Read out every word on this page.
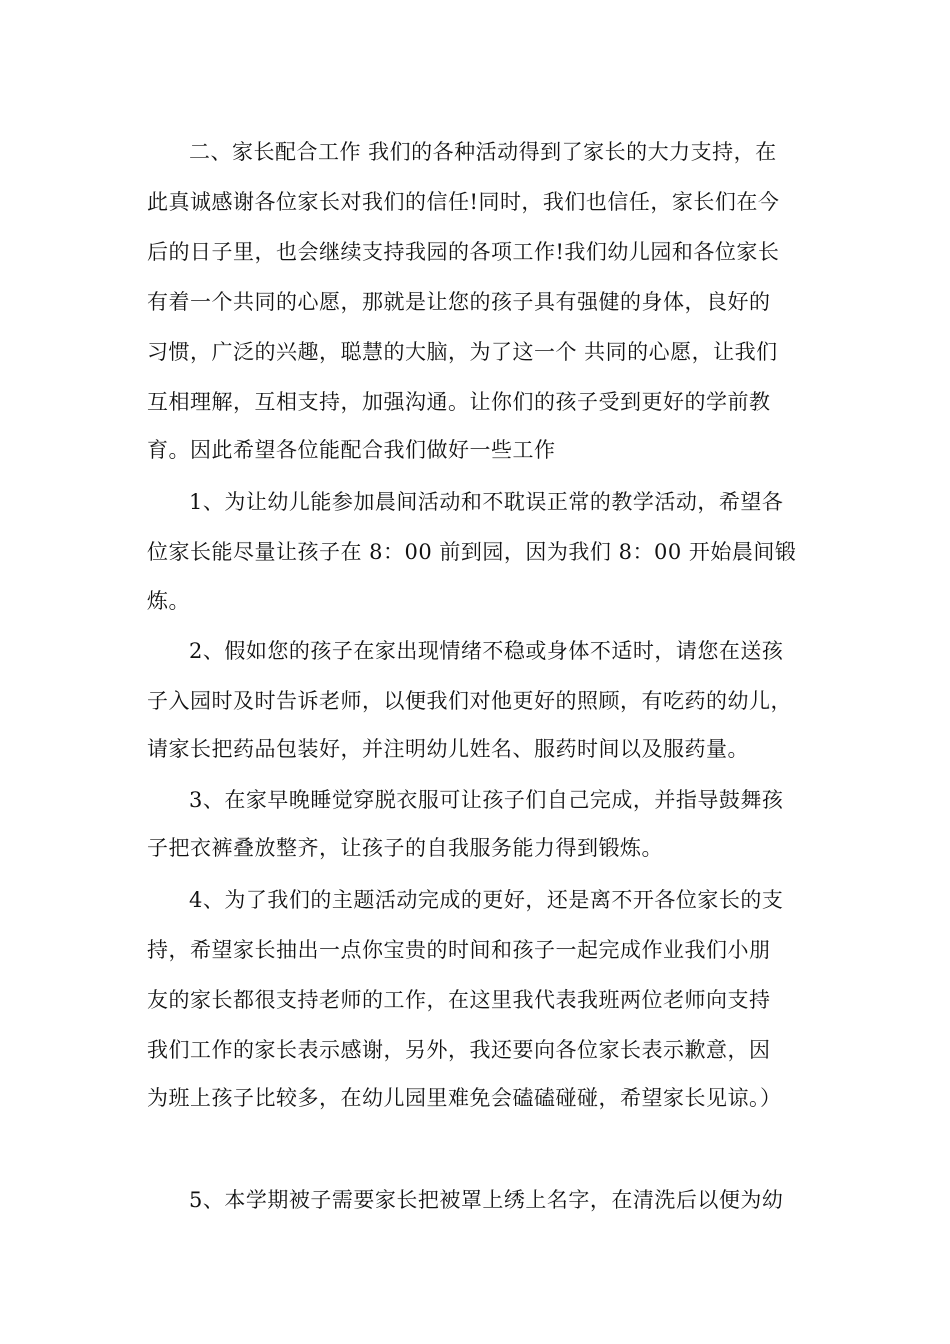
二、家长配合工作 我们的各种活动得到了家长的大力支持，在
此真诚感谢各位家长对我们的信任!同时，我们也信任，家长们在今
后的日子里，也会继续支持我园的各项工作!我们幼儿园和各位家长
有着一个共同的心愿，那就是让您的孩子具有强健的身体，良好的
习惯，广泛的兴趣，聪慧的大脑，为了这一个 共同的心愿，让我们
互相理解，互相支持，加强沟通。让你们的孩子受到更好的学前教
育。因此希望各位能配合我们做好一些工作
1、为让幼儿能参加晨间活动和不耽误正常的教学活动，希望各
位家长能尽量让孩子在 8：00 前到园，因为我们 8：00 开始晨间锻
炼。
2、假如您的孩子在家出现情绪不稳或身体不适时，请您在送孩
子入园时及时告诉老师，以便我们对他更好的照顾，有吃药的幼儿，
请家长把药品包装好，并注明幼儿姓名、服药时间以及服药量。
3、在家早晚睡觉穿脱衣服可让孩子们自己完成，并指导鼓舞孩
子把衣裤叠放整齐，让孩子的自我服务能力得到锻炼。
4、为了我们的主题活动完成的更好，还是离不开各位家长的支
持，希望家长抽出一点你宝贵的时间和孩子一起完成作业我们小朋
友的家长都很支持老师的工作，在这里我代表我班两位老师向支持
我们工作的家长表示感谢，另外，我还要向各位家长表示歉意，因
为班上孩子比较多，在幼儿园里难免会磕磕碰碰，希望家长见谅。）
5、本学期被子需要家长把被罩上绣上名字，在清洗后以便为幼
